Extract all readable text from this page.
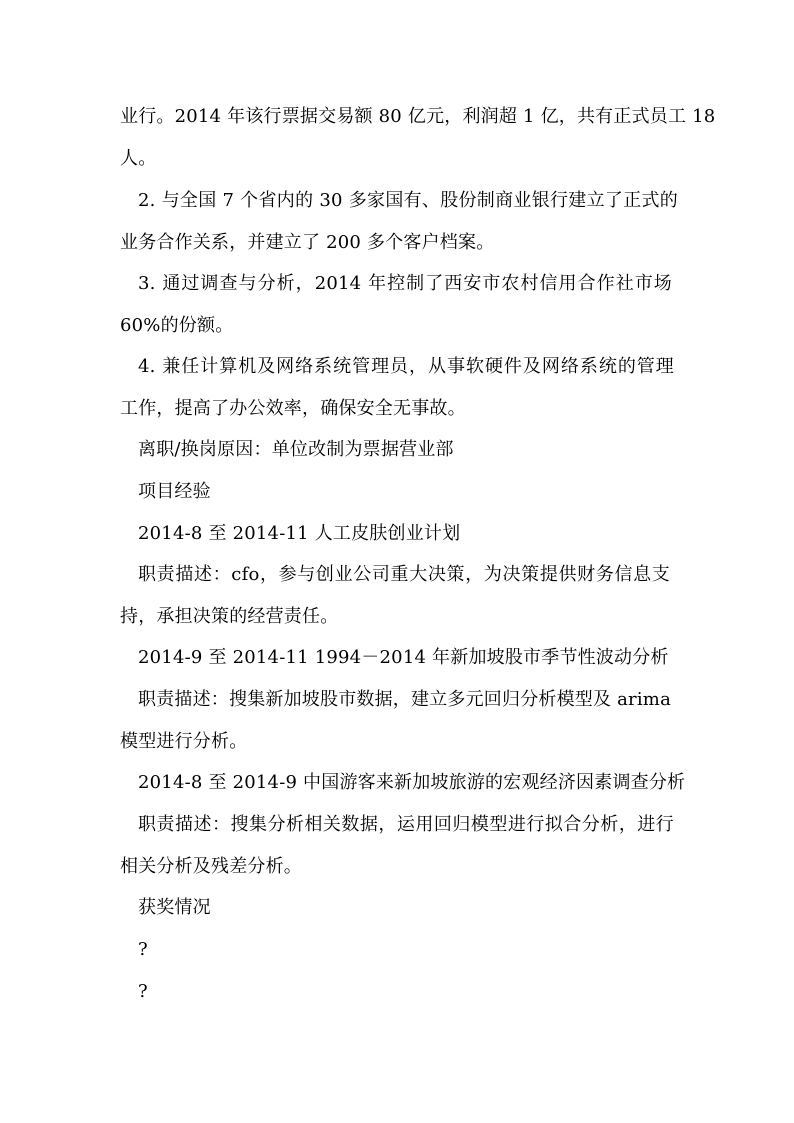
业行。2014 年该行票据交易额 80 亿元，利润超 1 亿，共有正式员工 18
人。
2. 与全国 7 个省内的 30 多家国有、股份制商业银行建立了正式的
业务合作关系，并建立了 200 多个客户档案。
3. 通过调查与分析，2014 年控制了西安市农村信用合作社市场
60%的份额。
4. 兼任计算机及网络系统管理员，从事软硬件及网络系统的管理
工作，提高了办公效率，确保安全无事故。
离职/换岗原因：单位改制为票据营业部
项目经验
2014-8 至 2014-11 人工皮肤创业计划
职责描述：cfo，参与创业公司重大决策，为决策提供财务信息支
持，承担决策的经营责任。
2014-9 至 2014-11 1994－2014 年新加坡股市季节性波动分析
职责描述：搜集新加坡股市数据，建立多元回归分析模型及 arima
模型进行分析。
2014-8 至 2014-9 中国游客来新加坡旅游的宏观经济因素调查分析
职责描述：搜集分析相关数据，运用回归模型进行拟合分析，进行
相关分析及残差分析。
获奖情况
?
?
